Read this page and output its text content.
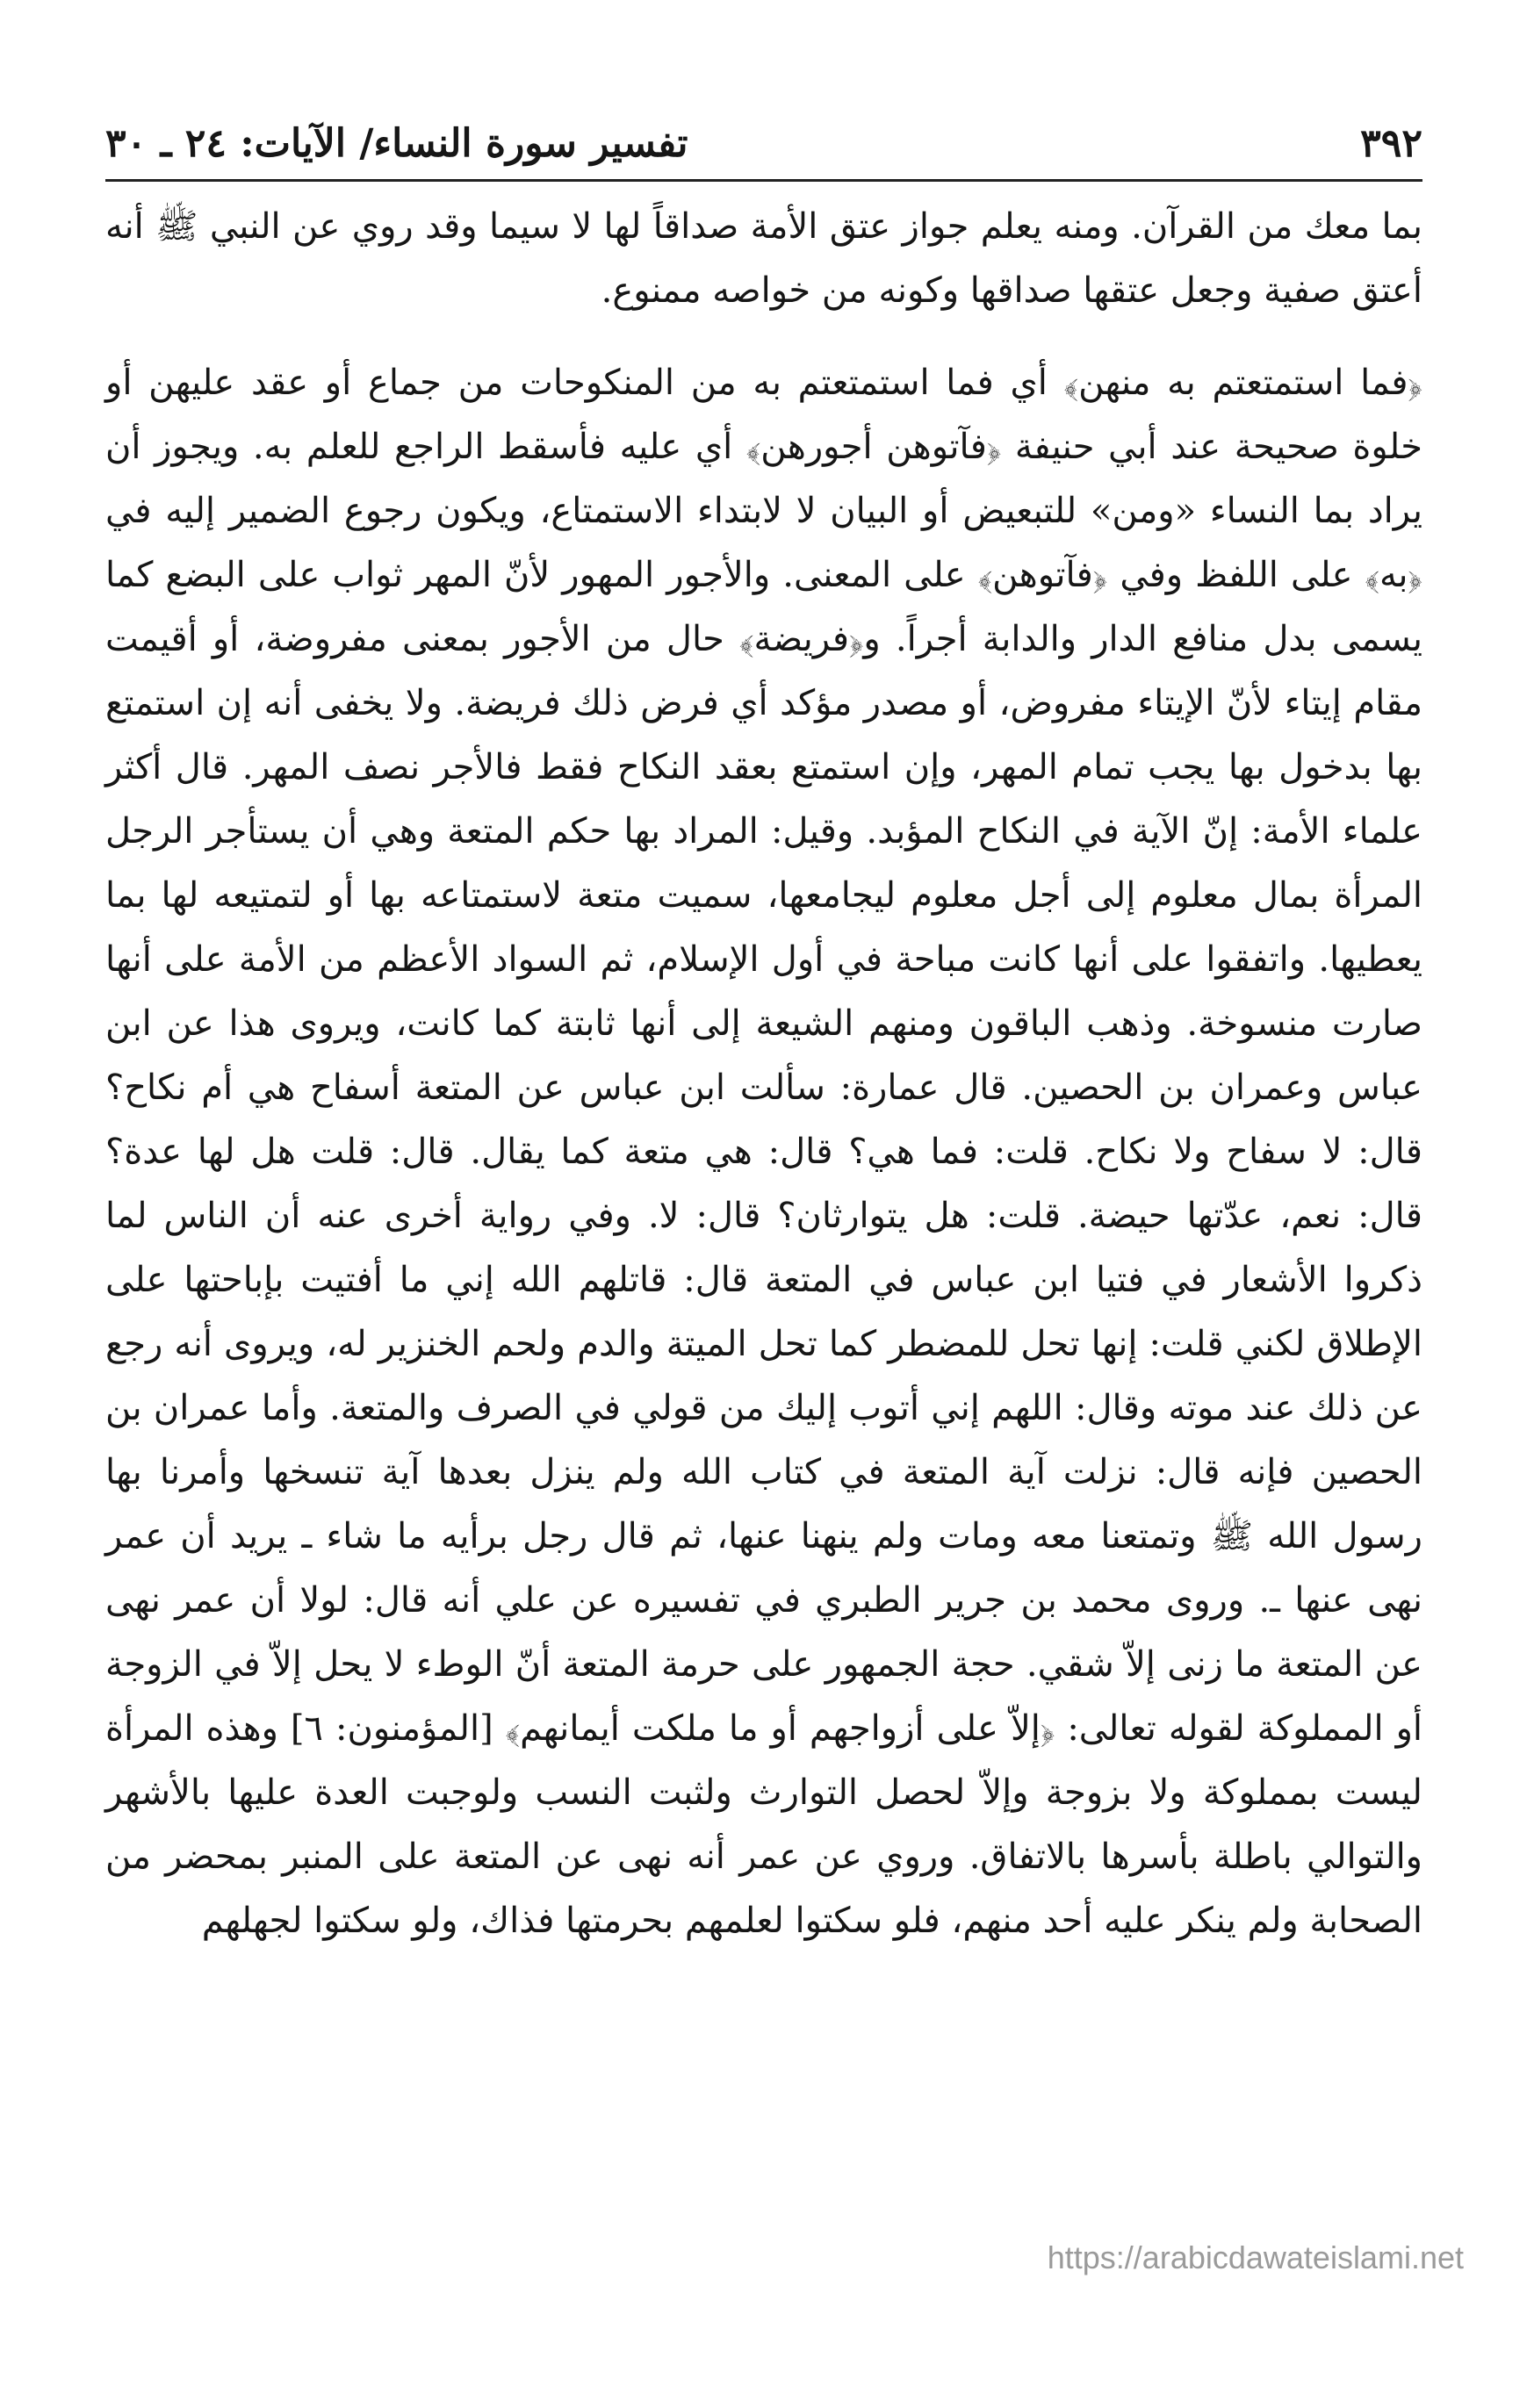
٣٩٢
تفسير سورة النساء/ الآيات: ٢٤ ـ ٣٠

بما معك من القرآن. ومنه يعلم جواز عتق الأمة صداقاً لها لا سيما وقد روي عن النبي ﷺ أنه أعتق صفية وجعل عتقها صداقها وكونه من خواصه ممنوع.

﴿فما استمتعتم به منهن﴾ أي فما استمتعتم به من المنكوحات من جماع أو عقد عليهن أو خلوة صحيحة عند أبي حنيفة ﴿فآتوهن أجورهن﴾ أي عليه فأسقط الراجع للعلم به. ويجوز أن يراد بما النساء «ومن» للتبعيض أو البيان لا لابتداء الاستمتاع، ويكون رجوع الضمير إليه في ﴿به﴾ على اللفظ وفي ﴿فآتوهن﴾ على المعنى. والأجور المهور لأنّ المهر ثواب على البضع كما يسمى بدل منافع الدار والدابة أجراً. و﴿فريضة﴾ حال من الأجور بمعنى مفروضة، أو أقيمت مقام إيتاء لأنّ الإيتاء مفروض، أو مصدر مؤكد أي فرض ذلك فريضة. ولا يخفى أنه إن استمتع بها بدخول بها يجب تمام المهر، وإن استمتع بعقد النكاح فقط فالأجر نصف المهر. قال أكثر علماء الأمة: إنّ الآية في النكاح المؤبد. وقيل: المراد بها حكم المتعة وهي أن يستأجر الرجل المرأة بمال معلوم إلى أجل معلوم ليجامعها، سميت متعة لاستمتاعه بها أو لتمتيعه لها بما يعطيها. واتفقوا على أنها كانت مباحة في أول الإسلام، ثم السواد الأعظم من الأمة على أنها صارت منسوخة. وذهب الباقون ومنهم الشيعة إلى أنها ثابتة كما كانت، ويروى هذا عن ابن عباس وعمران بن الحصين. قال عمارة: سألت ابن عباس عن المتعة أسفاح هي أم نكاح؟ قال: لا سفاح ولا نكاح. قلت: فما هي؟ قال: هي متعة كما يقال. قال: قلت هل لها عدة؟ قال: نعم، عدّتها حيضة. قلت: هل يتوارثان؟ قال: لا. وفي رواية أخرى عنه أن الناس لما ذكروا الأشعار في فتيا ابن عباس في المتعة قال: قاتلهم الله إني ما أفتيت بإباحتها على الإطلاق لكني قلت: إنها تحل للمضطر كما تحل الميتة والدم ولحم الخنزير له، ويروى أنه رجع عن ذلك عند موته وقال: اللهم إني أتوب إليك من قولي في الصرف والمتعة. وأما عمران بن الحصين فإنه قال: نزلت آية المتعة في كتاب الله ولم ينزل بعدها آية تنسخها وأمرنا بها رسول الله ﷺ وتمتعنا معه ومات ولم ينهنا عنها، ثم قال رجل برأيه ما شاء ـ يريد أن عمر نهى عنها ـ. وروى محمد بن جرير الطبري في تفسيره عن علي أنه قال: لولا أن عمر نهى عن المتعة ما زنى إلاّ شقي. حجة الجمهور على حرمة المتعة أنّ الوطء لا يحل إلاّ في الزوجة أو المملوكة لقوله تعالى: ﴿إلاّ على أزواجهم أو ما ملكت أيمانهم﴾ [المؤمنون: ٦] وهذه المرأة ليست بمملوكة ولا بزوجة وإلاّ لحصل التوارث ولثبت النسب ولوجبت العدة عليها بالأشهر والتوالي باطلة بأسرها بالاتفاق. وروي عن عمر أنه نهى عن المتعة على المنبر بمحضر من الصحابة ولم ينكر عليه أحد منهم، فلو سكتوا لعلمهم بحرمتها فذاك، ولو سكتوا لجهلهم

https://arabicdawateislami.net
